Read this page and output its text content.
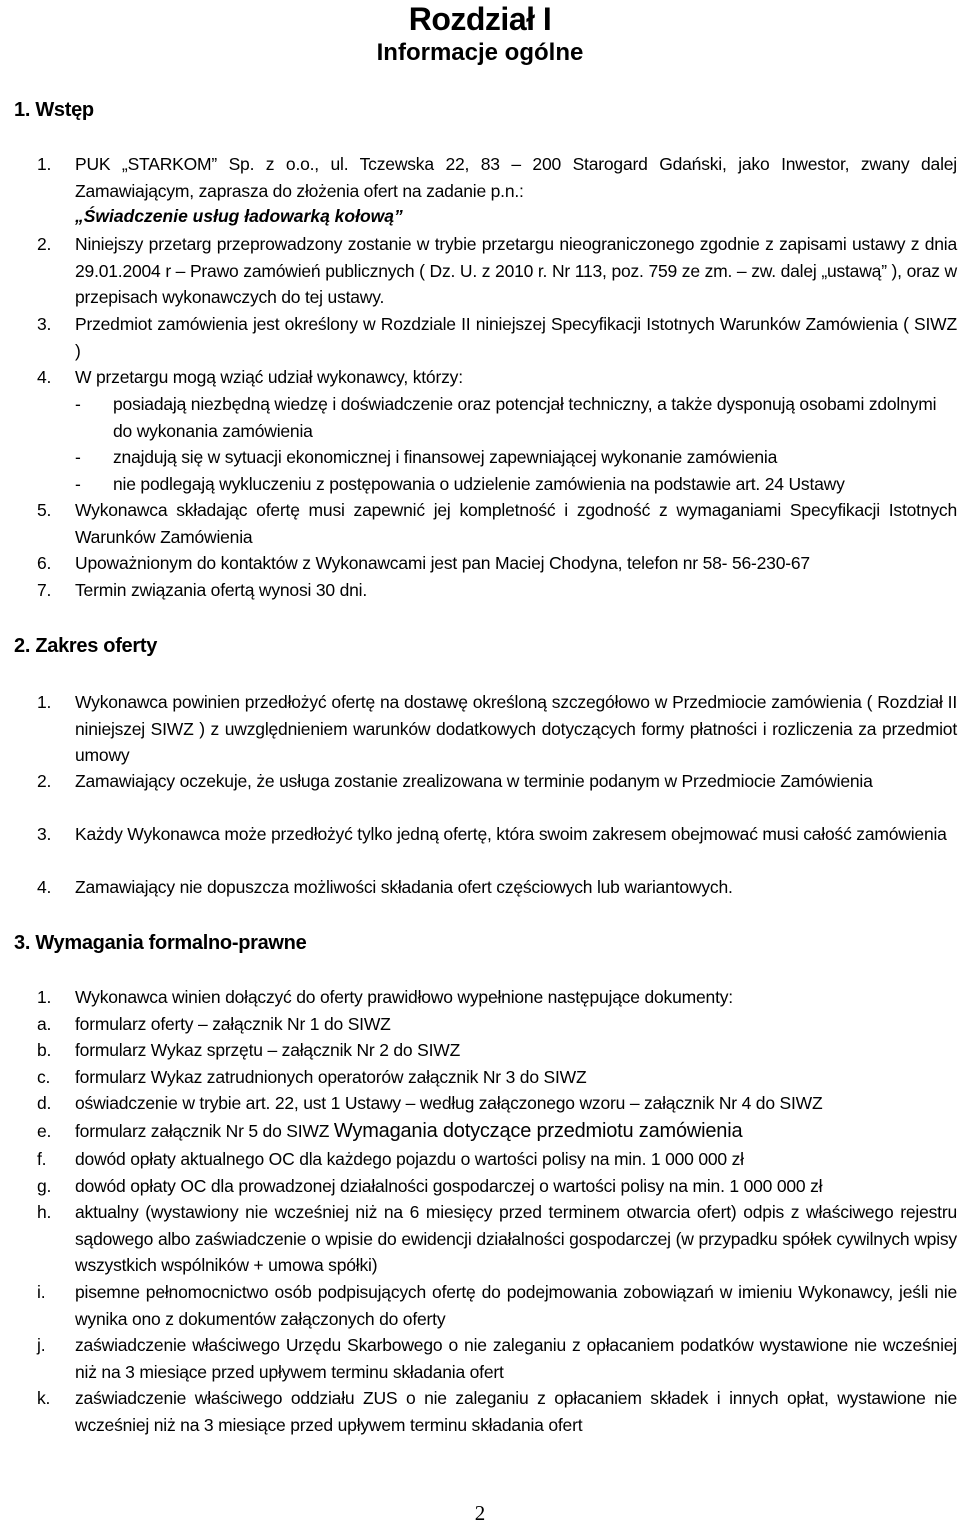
Rozdział I
Informacje ogólne
1. Wstęp
1. PUK „STARKOM” Sp. z o.o., ul. Tczewska 22, 83 – 200 Starogard Gdański, jako Inwestor, zwany dalej Zamawiającym, zaprasza do złożenia ofert na zadanie p.n.:
„Świadczenie usług ładowarką kołową”
2. Niniejszy przetarg przeprowadzony zostanie w trybie przetargu nieograniczonego zgodnie z zapisami ustawy z dnia 29.01.2004 r – Prawo zamówień publicznych ( Dz. U. z 2010 r. Nr 113, poz. 759 ze zm. – zw. dalej „ustawą” ), oraz w przepisach wykonawczych do tej ustawy.
3. Przedmiot zamówienia jest określony w Rozdziale II niniejszej Specyfikacji Istotnych Warunków Zamówienia ( SIWZ )
4. W przetargu mogą wziąć udział wykonawcy, którzy:
- posiadają niezbędną wiedzę i doświadczenie oraz potencjał techniczny, a także dysponują osobami zdolnymi do wykonania zamówienia
- znajdują się w sytuacji ekonomicznej i finansowej zapewniającej wykonanie zamówienia
- nie podlegają wykluczeniu z postępowania o udzielenie zamówienia na podstawie art. 24 Ustawy
5. Wykonawca składając ofertę musi zapewnić jej kompletność i zgodność z wymaganiami Specyfikacji Istotnych Warunków Zamówienia
6. Upoważnionym do kontaktów z Wykonawcami jest pan Maciej Chodyna, telefon nr 58- 56-230-67
7. Termin związania ofertą wynosi 30 dni.
2. Zakres oferty
1. Wykonawca powinien przedłożyć ofertę na dostawę określoną szczegółowo w Przedmiocie zamówienia ( Rozdział II niniejszej SIWZ ) z uwzględnieniem warunków dodatkowych dotyczących formy płatności i rozliczenia za przedmiot umowy
2. Zamawiający oczekuje, że usługa zostanie zrealizowana w terminie podanym w Przedmiocie Zamówienia
3. Każdy Wykonawca może przedłożyć tylko jedną ofertę, która swoim zakresem obejmować musi całość zamówienia
4. Zamawiający nie dopuszcza możliwości składania ofert częściowych lub wariantowych.
3. Wymagania formalno-prawne
1. Wykonawca winien dołączyć do oferty prawidłowo wypełnione następujące dokumenty:
a. formularz oferty – załącznik Nr 1 do SIWZ
b. formularz Wykaz sprzętu – załącznik Nr 2 do SIWZ
c. formularz Wykaz zatrudnionych operatorów załącznik Nr 3 do SIWZ
d. oświadczenie w trybie art. 22, ust 1 Ustawy – według załączonego wzoru – załącznik Nr 4 do SIWZ
e. formularz załącznik Nr 5 do SIWZ Wymagania dotyczące przedmiotu zamówienia
f. dowód opłaty aktualnego OC dla każdego pojazdu o wartości polisy na min. 1 000 000 zł
g. dowód opłaty OC dla prowadzonej działalności gospodarczej o wartości polisy na min. 1 000 000 zł
h. aktualny (wystawiony nie wcześniej niż na 6 miesięcy przed terminem otwarcia ofert) odpis z właściwego rejestru sądowego albo zaświadczenie o wpisie do ewidencji działalności gospodarczej (w przypadku spółek cywilnych wpisy wszystkich wspólników + umowa spółki)
i. pisemne pełnomocnictwo osób podpisujących ofertę do podejmowania zobowiązań w imieniu Wykonawcy, jeśli nie wynika ono z dokumentów załączonych do oferty
j. zaświadczenie właściwego Urzędu Skarbowego o nie zaleganiu z opłacaniem podatków wystawione nie wcześniej niż na 3 miesiące przed upływem terminu składania ofert
k. zaświadczenie właściwego oddziału ZUS o nie zaleganiu z opłacaniem składek i innych opłat, wystawione nie wcześniej niż na 3 miesiące przed upływem terminu składania ofert
2
